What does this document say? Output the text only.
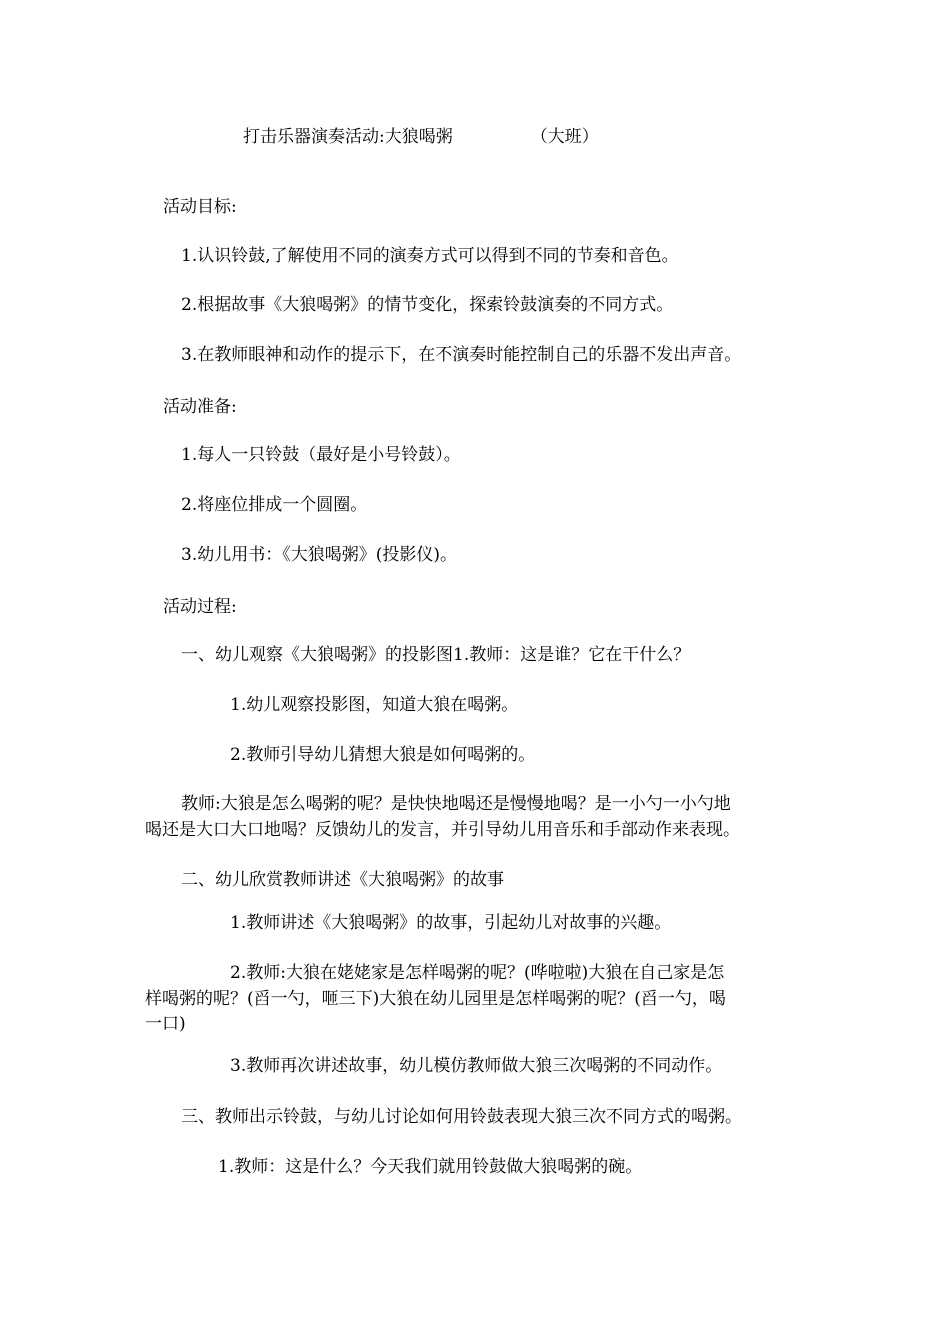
打击乐器演奏活动:大狼喝粥	（大班）
活动目标:
1.认识铃鼓,了解使用不同的演奏方式可以得到不同的节奏和音色。
2.根据故事《大狼喝粥》的情节变化，探索铃鼓演奏的不同方式。
3.在教师眼神和动作的提示下，在不演奏时能控制自己的乐器不发出声音。
活动准备:
1.每人一只铃鼓（最好是小号铃鼓）。
2.将座位排成一个圆圈。
3.幼儿用书：《大狼喝粥》(投影仪)。
活动过程:
一、幼儿观察《大狼喝粥》的投影图1.教师：这是谁？它在干什么？
1.幼儿观察投影图，知道大狼在喝粥。
2.教师引导幼儿猜想大狼是如何喝粥的。
教师:大狼是怎么喝粥的呢？是快快地喝还是慢慢地喝？是一小勺一小勺地
喝还是大口大口地喝？反馈幼儿的发言，并引导幼儿用音乐和手部动作来表现。
二、幼儿欣赏教师讲述《大狼喝粥》的故事
1.教师讲述《大狼喝粥》的故事，引起幼儿对故事的兴趣。
2.教师:大狼在姥姥家是怎样喝粥的呢？(哗啦啦)大狼在自己家是怎
样喝粥的呢？(舀一勺，咂三下)大狼在幼儿园里是怎样喝粥的呢？(舀一勺，喝
一口)
3.教师再次讲述故事，幼儿模仿教师做大狼三次喝粥的不同动作。
三、教师出示铃鼓，与幼儿讨论如何用铃鼓表现大狼三次不同方式的喝粥。
1.教师：这是什么？今天我们就用铃鼓做大狼喝粥的碗。
